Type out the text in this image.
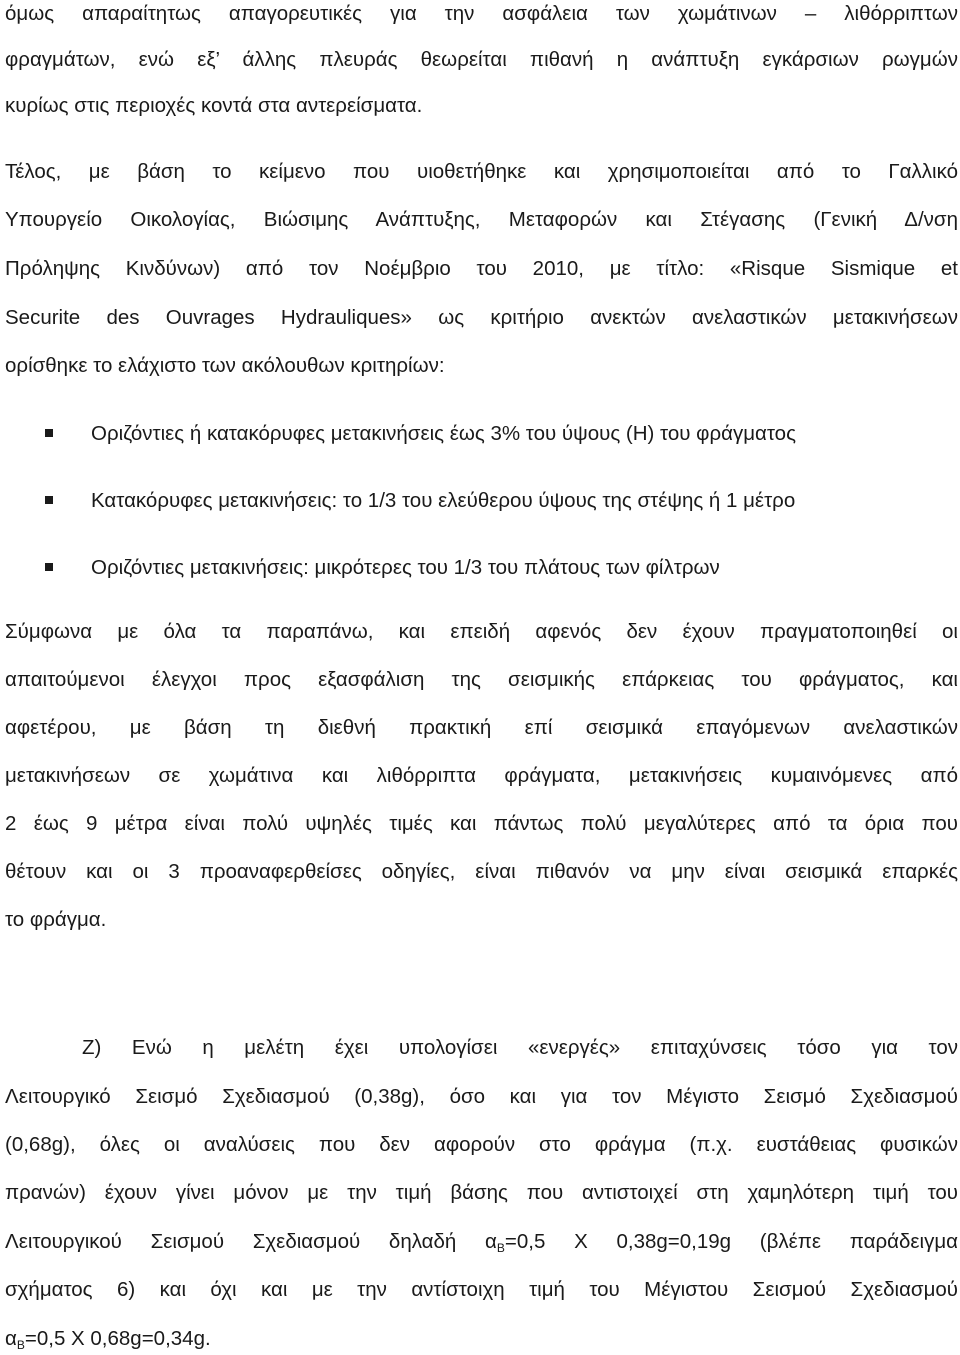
όμως απαραίτητως απαγορευτικές για την ασφάλεια των χωμάτινων – λιθόρριπτων
φραγμάτων, ενώ εξ’ άλλης πλευράς θεωρείται πιθανή η ανάπτυξη εγκάρσιων ρωγμών
κυρίως στις περιοχές κοντά στα αντερείσματα.
Τέλος, με βάση το κείμενο που υιοθετήθηκε και χρησιμοποιείται από το Γαλλικό
Υπουργείο Οικολογίας, Βιώσιμης Ανάπτυξης, Μεταφορών και Στέγασης (Γενική Δ/νση
Πρόληψης Κινδύνων) από τον Νοέμβριο του 2010, με τίτλο: «Risque Sismique et
Securite des Ouvrages Hydrauliques» ως κριτήριο ανεκτών ανελαστικών μετακινήσεων
ορίσθηκε το ελάχιστο των ακόλουθων κριτηρίων:
Οριζόντιες ή κατακόρυφες μετακινήσεις έως 3% του ύψους (Η) του φράγματος
Κατακόρυφες μετακινήσεις: το 1/3 του ελεύθερου ύψους της στέψης ή 1 μέτρο
Οριζόντιες μετακινήσεις: μικρότερες του 1/3 του πλάτους των φίλτρων
Σύμφωνα με όλα τα παραπάνω, και επειδή αφενός δεν έχουν πραγματοποιηθεί οι
απαιτούμενοι έλεγχοι προς εξασφάλιση της σεισμικής επάρκειας του φράγματος, και
αφετέρου, με βάση τη διεθνή πρακτική επί σεισμικά επαγόμενων ανελαστικών
μετακινήσεων σε χωμάτινα και λιθόρριπτα φράγματα, μετακινήσεις κυμαινόμενες από
2 έως 9 μέτρα είναι πολύ υψηλές τιμές και πάντως πολύ μεγαλύτερες από τα όρια που
θέτουν και οι 3 προαναφερθείσες οδηγίες, είναι πιθανόν να μην είναι σεισμικά επαρκές
το φράγμα.
Ζ) Ενώ η μελέτη έχει υπολογίσει «ενεργές» επιταχύνσεις τόσο για τον
Λειτουργικό Σεισμό Σχεδιασμού (0,38g), όσο και για τον Μέγιστο Σεισμό Σχεδιασμού
(0,68g), όλες οι αναλύσεις που δεν αφορούν στο φράγμα (π.χ. ευστάθειας φυσικών
πρανών) έχουν γίνει μόνον με την τιμή βάσης που αντιστοιχεί στη χαμηλότερη τιμή του
Λειτουργικού Σεισμού Σχεδιασμού δηλαδή $\alpha_B=0,5$ Χ 0,38g=0,19g (βλέπε παράδειγμα
σχήματος 6) και όχι και με την αντίστοιχη τιμή του Μέγιστου Σεισμού Σχεδιασμού
$\alpha_B=0,5$ Χ 0,68g=0,34g.
